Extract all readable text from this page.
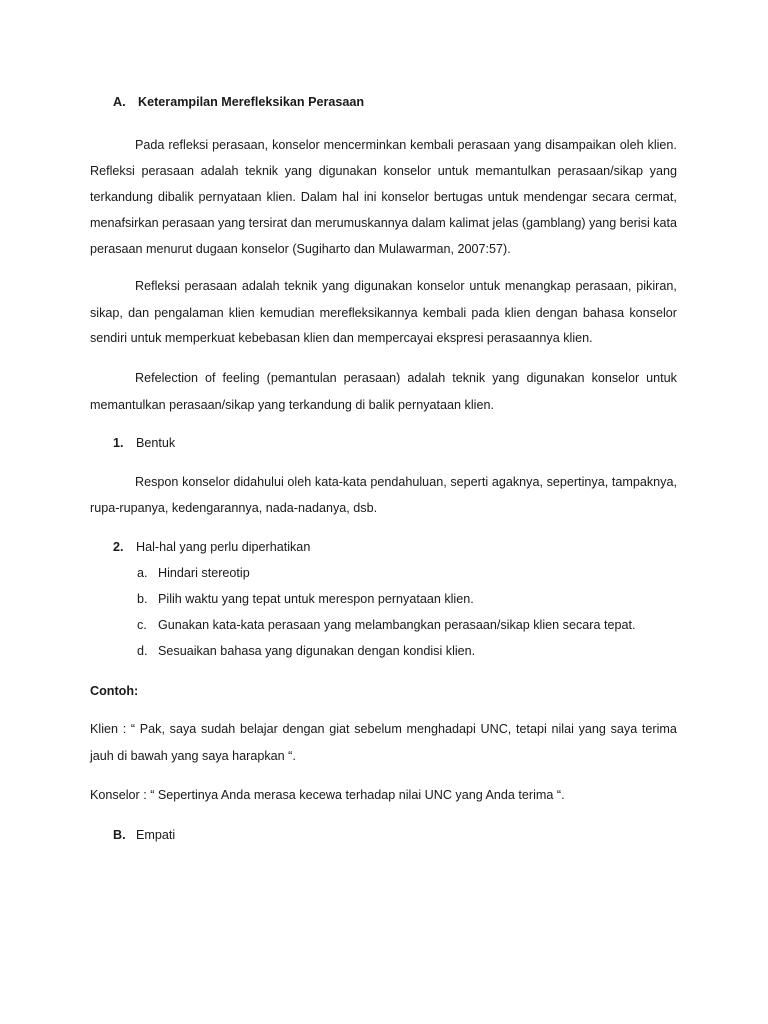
A. Keterampilan Merefleksikan Perasaan
Pada refleksi perasaan, konselor mencerminkan kembali perasaan yang disampaikan oleh klien.
Refleksi perasaan adalah teknik yang digunakan konselor untuk memantulkan perasaan/sikap yang
terkandung dibalik pernyataan klien. Dalam hal ini konselor bertugas untuk mendengar secara cermat,
menafsirkan perasaan yang tersirat dan merumuskannya dalam kalimat jelas (gamblang) yang berisi kata
perasaan menurut dugaan konselor (Sugiharto dan Mulawarman, 2007:57).
Refleksi perasaan adalah teknik yang digunakan konselor untuk menangkap perasaan, pikiran,
sikap, dan pengalaman klien kemudian merefleksikannya kembali pada klien dengan bahasa konselor
sendiri untuk memperkuat kebebasan klien dan mempercayai ekspresi perasaannya klien.
Refelection of feeling (pemantulan perasaan) adalah teknik yang digunakan konselor untuk
memantulkan perasaan/sikap yang terkandung di balik pernyataan klien.
1. Bentuk
Respon konselor didahului oleh kata-kata pendahuluan, seperti agaknya, sepertinya, tampaknya,
rupa-rupanya, kedengarannya, nada-nadanya, dsb.
2. Hal-hal yang perlu diperhatikan
a. Hindari stereotip
b. Pilih waktu yang tepat untuk merespon pernyataan klien.
c. Gunakan kata-kata perasaan yang melambangkan perasaan/sikap klien secara tepat.
d. Sesuaikan bahasa yang digunakan dengan kondisi klien.
Contoh:
Klien : “ Pak, saya sudah belajar dengan giat sebelum menghadapi UNC, tetapi nilai yang saya terima
jauh di bawah yang saya harapkan “.
Konselor : “ Sepertinya Anda merasa kecewa terhadap nilai UNC yang Anda terima “.
B. Empati
